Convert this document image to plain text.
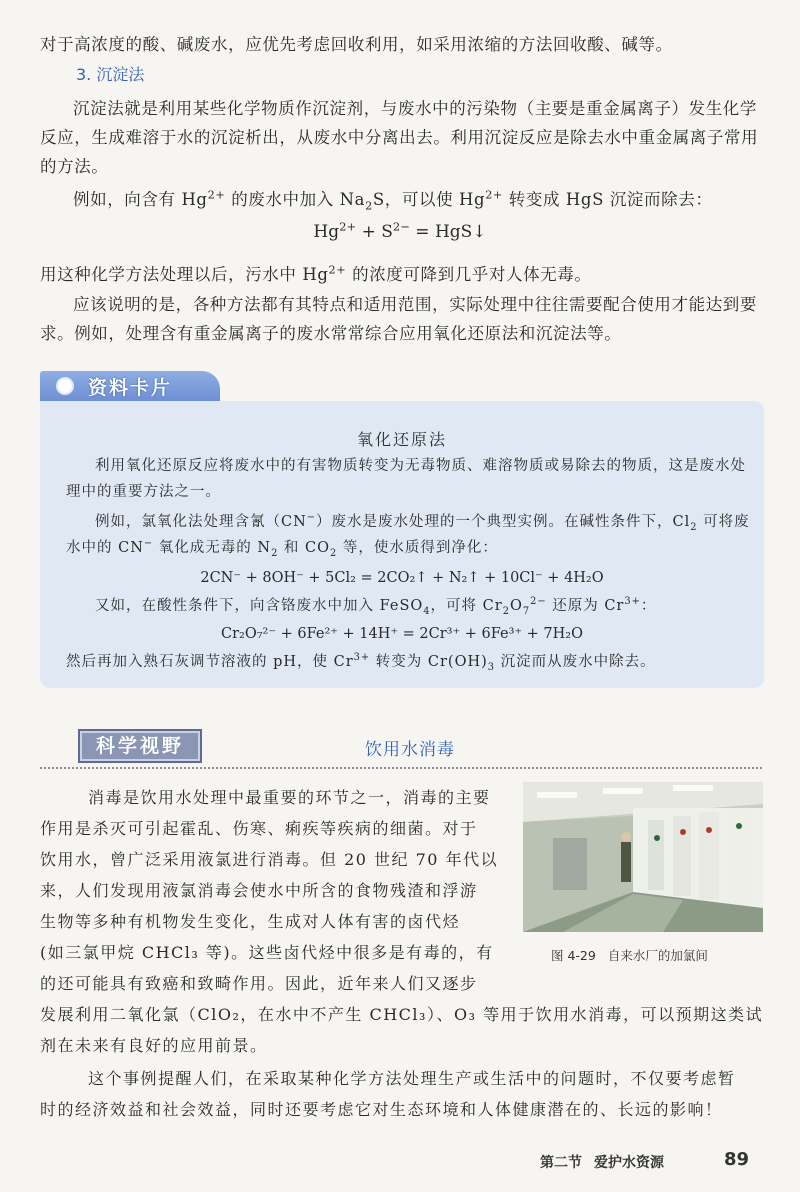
对于高浓度的酸、碱废水，应优先考虑回收利用，如采用浓缩的方法回收酸、碱等。

3. 沉淀法

沉淀法就是利用某些化学物质作沉淀剂，与废水中的污染物（主要是重金属离子）发生化学反应，生成难溶于水的沉淀析出，从废水中分离出去。利用沉淀反应是除去水中重金属离子常用的方法。

例如，向含有 $Hg^{2+}$ 的废水中加入 $Na_2S$，可以使 $Hg^{2+}$ 转变成 HgS 沉淀而除去：

$Hg^{2+} + S^{2-}$ = HgS↓

用这种化学方法处理以后，污水中 $Hg^{2+}$ 的浓度可降到几乎对人体无毒。

应该说明的是，各种方法都有其特点和适用范围，实际处理中往往需要配合使用才能达到要求。例如，处理含有重金属离子的废水常常综合应用氧化还原法和沉淀法等。

资料卡片
氧化还原法

利用氧化还原反应将废水中的有害物质转变为无毒物质、难溶物质或易除去的物质，这是废水处理中的重要方法之一。

例如，氯氧化法处理含氰（CN−）废水是废水处理的一个典型实例。在碱性条件下，$Cl_2$ 可将废水中的 CN− 氧化成无毒的 $N_2$ 和 $CO_2$ 等，使水质得到净化：

2CN⁻ + 8OH⁻ + 5Cl₂ = 2CO₂↑ + N₂↑ + 10Cl⁻ + 4H₂O

又如，在酸性条件下，向含铬废水中加入 FeSO$_4$，可将 $Cr_2O_7^{2-}$ 还原为 $Cr^{3+}$：

Cr₂O₇²⁻ + 6Fe²⁺ + 14H⁺ = 2Cr³⁺ + 6Fe³⁺ + 7H₂O

然后再加入熟石灰调节溶液的 pH，使 $Cr^{3+}$ 转变为 $Cr(OH)_3$ 沉淀而从废水中除去。

科学视野	饮用水消毒

消毒是饮用水处理中最重要的环节之一，消毒的主要

作用是杀灭可引起霍乱、伤寒、痢疾等疾病的细菌。对于

饮用水，曾广泛采用液氯进行消毒。但 20 世纪 70 年代以

来，人们发现用液氯消毒会使水中所含的食物残渣和浮游

生物等多种有机物发生变化，生成对人体有害的卤代烃

(如三氯甲烷 CHCl₃ 等)。这些卤代烃中很多是有毒的，有

的还可能具有致癌和致畸作用。因此，近年来人们又逐步

发展利用二氧化氯（ClO₂，在水中不产生 CHCl₃）、O₃ 等用于饮用水消毒，可以预期这类试

剂在未来有良好的应用前景。

这个事例提醒人们，在采取某种化学方法处理生产或生活中的问题时，不仅要考虑暂

时的经济效益和社会效益，同时还要考虑它对生态环境和人体健康潜在的、长远的影响！

图 4-29 自来水厂的加氯间
第二节 爱护水资源	89
